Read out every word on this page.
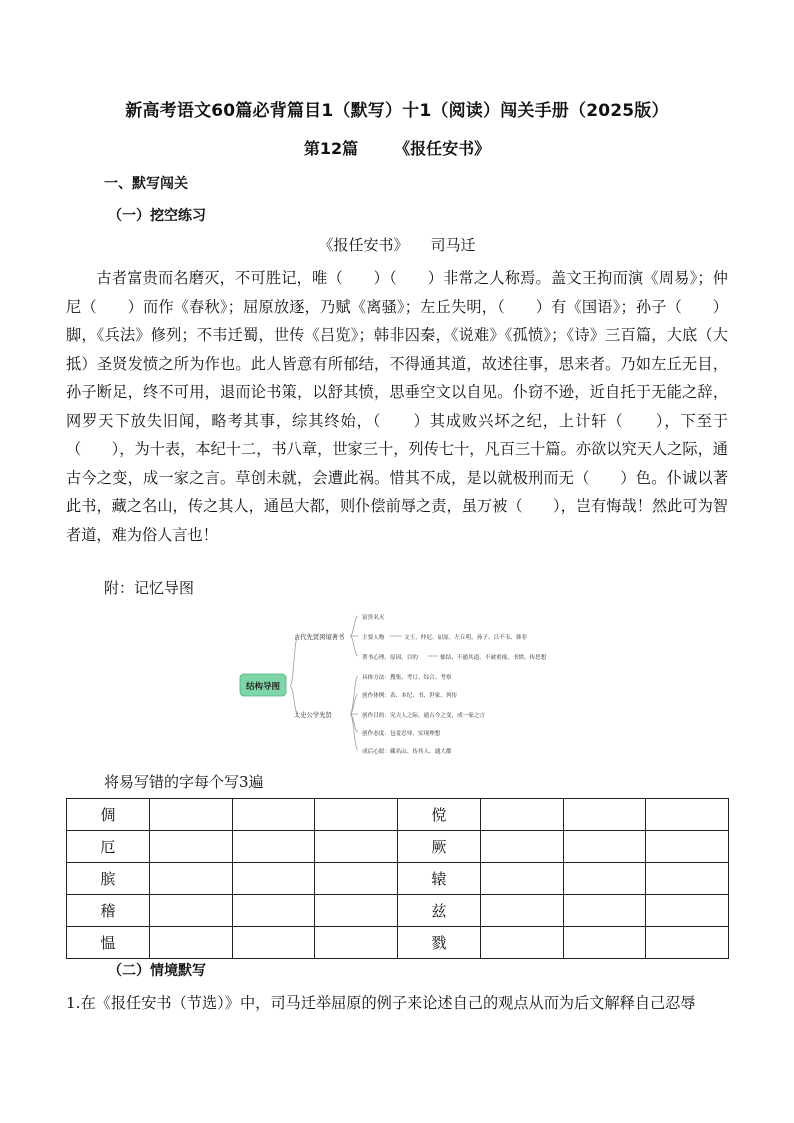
新高考语文60篇必背篇目1（默写）十1（阅读）闯关手册（2025版）
第12篇 《报任安书》
一、默写闯关
（一）挖空练习
《报任安书》 司马迁

古者富贵而名磨灭，不可胜记，唯（　　）（　　）非常之人称焉。盖文王拘而演《周易》；仲尼（　　）而作《春秋》；屈原放逐，乃赋《离骚》；左丘失明，（　　）有《国语》；孙子（　　）脚，《兵法》修列；不韦迁蜀，世传《吕览》；韩非囚秦，《说难》《孤愤》；《诗》三百篇，大底（大抵）圣贤发愤之所为作也。此人皆意有所郁结，不得通其道，故述往事，思来者。乃如左丘无目，孙子断足，终不可用，退而论书策，以舒其愤，思垂空文以自见。仆窃不逊，近自托于无能之辞，网罗天下放失旧闻，略考其事，综其终始，（　　）其成败兴坏之纪，上计轩（　　），下至于（　　），为十表，本纪十二，书八章，世家三十，列传七十，凡百三十篇。亦欲以究天人之际，通古今之变，成一家之言。草创未就，会遭此祸。惜其不成，是以就极刑而无（　　）色。仆诚以著此书，藏之名山，传之其人，通邑大都，则仆偿前辱之责，虽万被（　　），岂有悔哉！然此可为智者道，难为俗人言也！

附：记忆导图
结构导图
古代先贤困境著书
太史公学先贤
富贵名灭
主要人物	文王、仲尼、屈原、左丘明、孙子、吕不韦、韩非
著书心理、原因、目的	郁结、不通其道、不被重视、书愤、传思想
具体方法：搜集、考订、综合、考察
创作体例：表、本纪、书、世家、列传
创作目的：究天人之际，通古今之变，成一家之言
创作态度：包羞忍辱、实现理想
成后心愿：藏名山、传其人、通大都
将易写错的字每个写3遍
倜				傥			
厄				厥			
膑				辕			
稽				兹			
愠				戮			
（二）情境默写
1.在《报任安书（节选）》中，司马迁举屈原的例子来论述自己的观点从而为后文解释自己忍辱
